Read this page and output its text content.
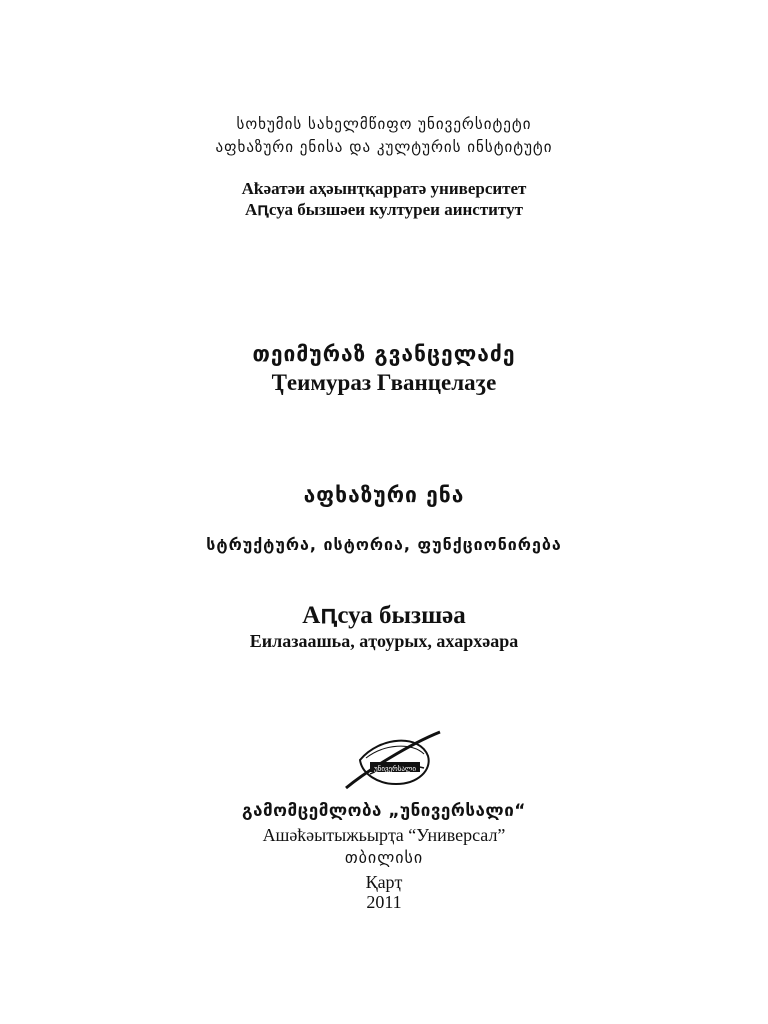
სოხუმის სახელმწიფო უნივერსიტეტი
აფხაზური ენისა და კულტურის ინსტიტუტი
Аҟәатәи аҳәынҭқарратә университет
Аԥсуа бызшәеи културеи аинститут
თეიმურაზ გვანცელაძე
Ҭеимураз Гванцелаӡе
აფხაზური ენა
სტრუქტურა, ისტორია, ფუნქციონირება
Аԥсуа бызшәа
Еилазаашьа, аҭоурых, ахархәара
უნივერსალი
გამომცემლობა „უნივერსალი“
Ашәҟәытыжьырҭа “Универсал”
თბილისი
Қарҭ
2011
